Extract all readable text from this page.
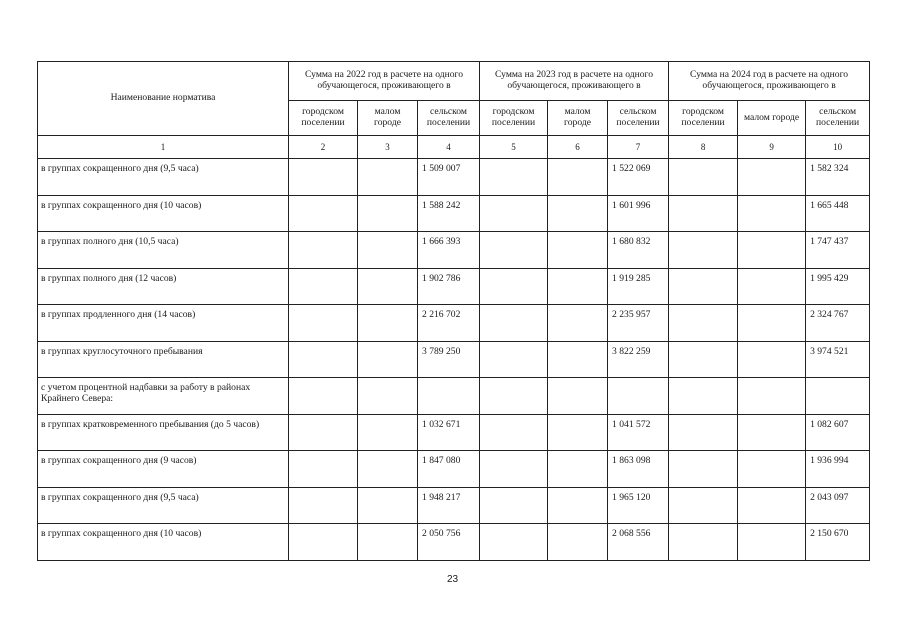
Наименование норматива	Сумма на 2022 год в расчете на одного обучающегося, проживающего в			Сумма на 2023 год в расчете на одного обучающегося, проживающего в			Сумма на 2024 год в расчете на одного обучающегося, проживающего в		
	городском поселении	малом городе	сельском поселении	городском поселении	малом городе	сельском поселении	городском поселении	малом городе	сельском поселении
1	2	3	4	5	6	7	8	9	10
в группах сокращенного дня (9,5 часа)			1 509 007			1 522 069			1 582 324
в группах сокращенного дня (10 часов)			1 588 242			1 601 996			1 665 448
в группах полного дня (10,5 часа)			1 666 393			1 680 832			1 747 437
в группах полного дня (12 часов)			1 902 786			1 919 285			1 995 429
в группах продленного дня (14 часов)			2 216 702			2 235 957			2 324 767
в группах круглосуточного пребывания			3 789 250			3 822 259			3 974 521
с учетом процентной надбавки за работу в районах Крайнего Севера:									
в группах кратковременного пребывания (до 5 часов)			1 032 671			1 041 572			1 082 607
в группах сокращенного дня (9 часов)			1 847 080			1 863 098			1 936 994
в группах сокращенного дня (9,5 часа)			1 948 217			1 965 120			2 043 097
в группах сокращенного дня (10 часов)			2 050 756			2 068 556			2 150 670
23
